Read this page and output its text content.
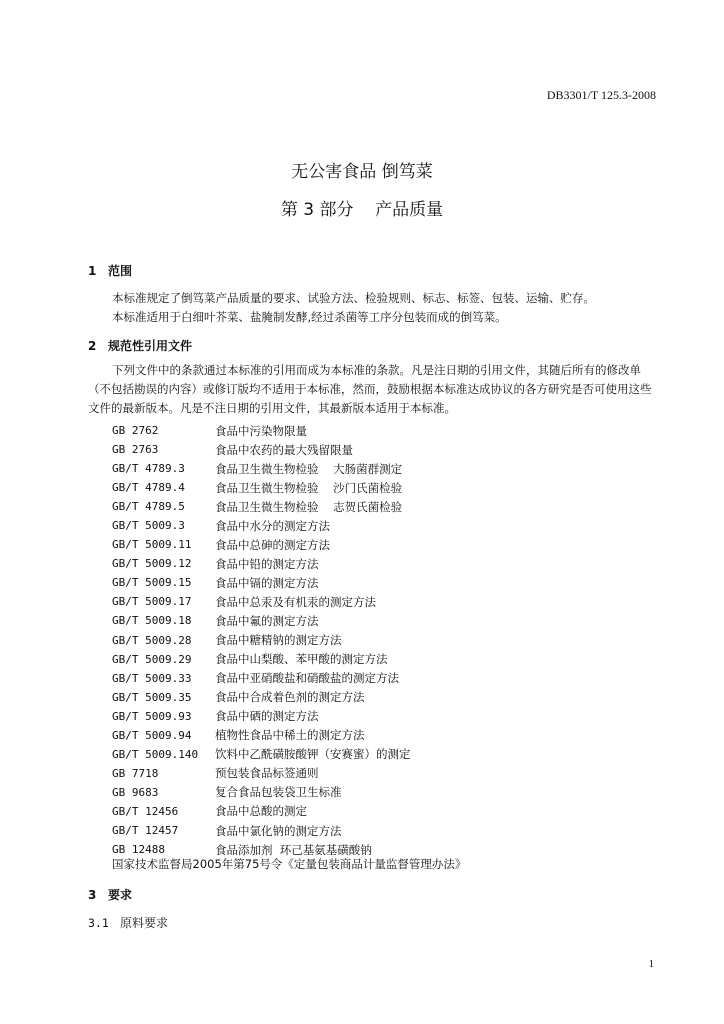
DB3301/T 125.3-2008
无公害食品 倒笃菜
第 3 部分    产品质量
1 范围
本标准规定了倒笃菜产品质量的要求、试验方法、检验规则、标志、标签、包装、运输、贮存。
本标准适用于白细叶芥菜、盐腌制发酵,经过杀菌等工序分包装而成的倒笃菜。
2 规范性引用文件
下列文件中的条款通过本标准的引用而成为本标准的条款。凡是注日期的引用文件，其随后所有的修改单（不包括勘误的内容）或修订版均不适用于本标准，然而，鼓励根据本标准达成协议的各方研究是否可使用这些文件的最新版本。凡是不注日期的引用文件，其最新版本适用于本标准。
GB 2762	食品中污染物限量
GB 2763	食品中农药的最大残留限量
GB/T 4789.3	食品卫生微生物检验    大肠菌群测定
GB/T 4789.4	食品卫生微生物检验    沙门氏菌检验
GB/T 4789.5	食品卫生微生物检验    志贺氏菌检验
GB/T 5009.3	食品中水分的测定方法
GB/T 5009.11	食品中总砷的测定方法
GB/T 5009.12	食品中铅的测定方法
GB/T 5009.15	食品中镉的测定方法
GB/T 5009.17	食品中总汞及有机汞的测定方法
GB/T 5009.18	食品中氟的测定方法
GB/T 5009.28	食品中糖精钠的测定方法
GB/T 5009.29	食品中山梨酸、苯甲酸的测定方法
GB/T 5009.33	食品中亚硝酸盐和硝酸盐的测定方法
GB/T 5009.35	食品中合成着色剂的测定方法
GB/T 5009.93	食品中硒的测定方法
GB/T 5009.94	植物性食品中稀土的测定方法
GB/T 5009.140	饮料中乙酰磺胺酸钾（安赛蜜）的测定
GB 7718	预包装食品标签通则
GB 9683	复合食品包装袋卫生标准
GB/T 12456	食品中总酸的测定
GB/T 12457	食品中氯化钠的测定方法
GB 12488	食品添加剂  环己基氨基磺酸钠
国家技术监督局2005年第75号令《定量包装商品计量监督管理办法》
3 要求
3.1 原料要求
1
